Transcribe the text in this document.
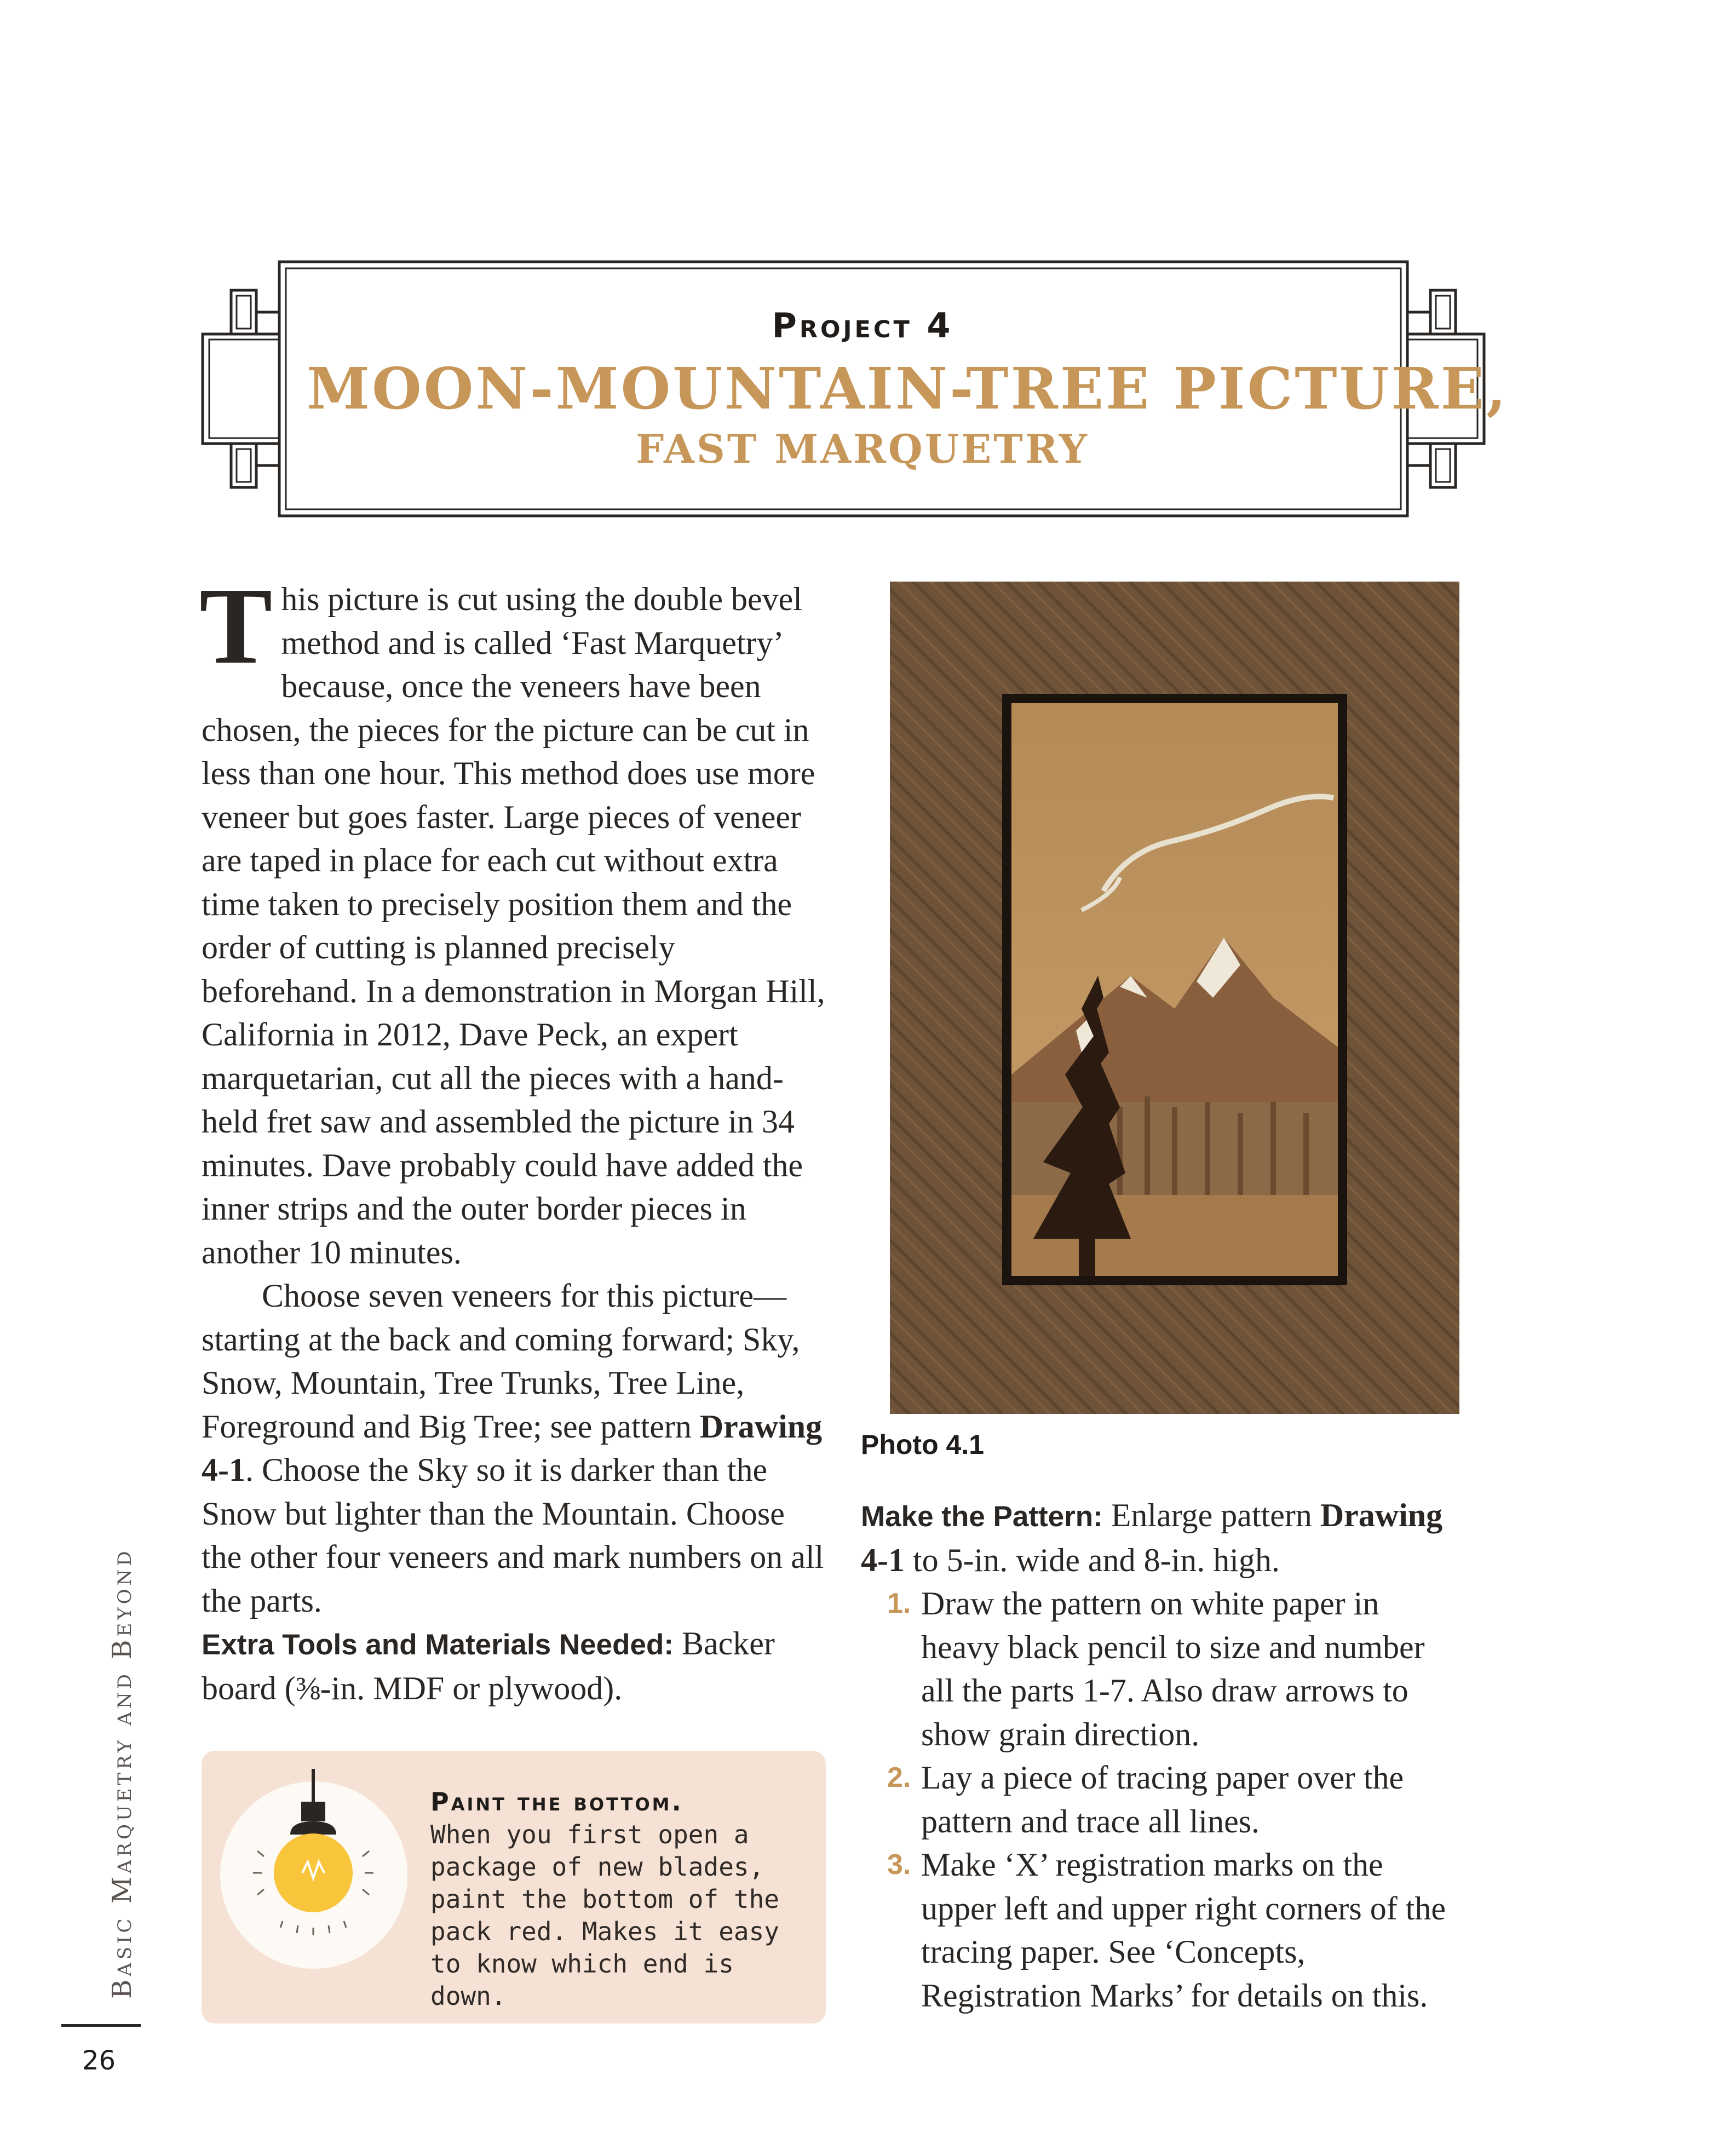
Project 4
MOON-MOUNTAIN-TREE PICTURE,
FAST MARQUETRY

This picture is cut using the double bevel method and is called ‘Fast Marquetry’ because, once the veneers have been chosen, the pieces for the picture can be cut in less than one hour. This method does use more veneer but goes faster. Large pieces of veneer are taped in place for each cut without extra time taken to precisely position them and the order of cutting is planned precisely beforehand. In a demonstration in Morgan Hill, California in 2012, Dave Peck, an expert marquetarian, cut all the pieces with a hand-held fret saw and assembled the picture in 34 minutes. Dave probably could have added the inner strips and the outer border pieces in another 10 minutes.

Choose seven veneers for this picture—starting at the back and coming forward; Sky, Snow, Mountain, Tree Trunks, Tree Line, Foreground and Big Tree; see pattern Drawing 4-1. Choose the Sky so it is darker than the Snow but lighter than the Mountain. Choose the other four veneers and mark numbers on all the parts.

Extra Tools and Materials Needed: Backer board (⅜-in. MDF or plywood).
Paint the bottom.
When you first open a package of new blades, paint the bottom of the pack red. Makes it easy to know which end is down.
Photo 4.1

Make the Pattern: Enlarge pattern Drawing 4-1 to 5-in. wide and 8-in. high.

1. Draw the pattern on white paper in heavy black pencil to size and number all the parts 1-7. Also draw arrows to show grain direction.
2. Lay a piece of tracing paper over the pattern and trace all lines.
3. Make ‘X’ registration marks on the upper left and upper right corners of the tracing paper. See ‘Concepts, Registration Marks’ for details on this.
Basic Marquetry and Beyond
26
